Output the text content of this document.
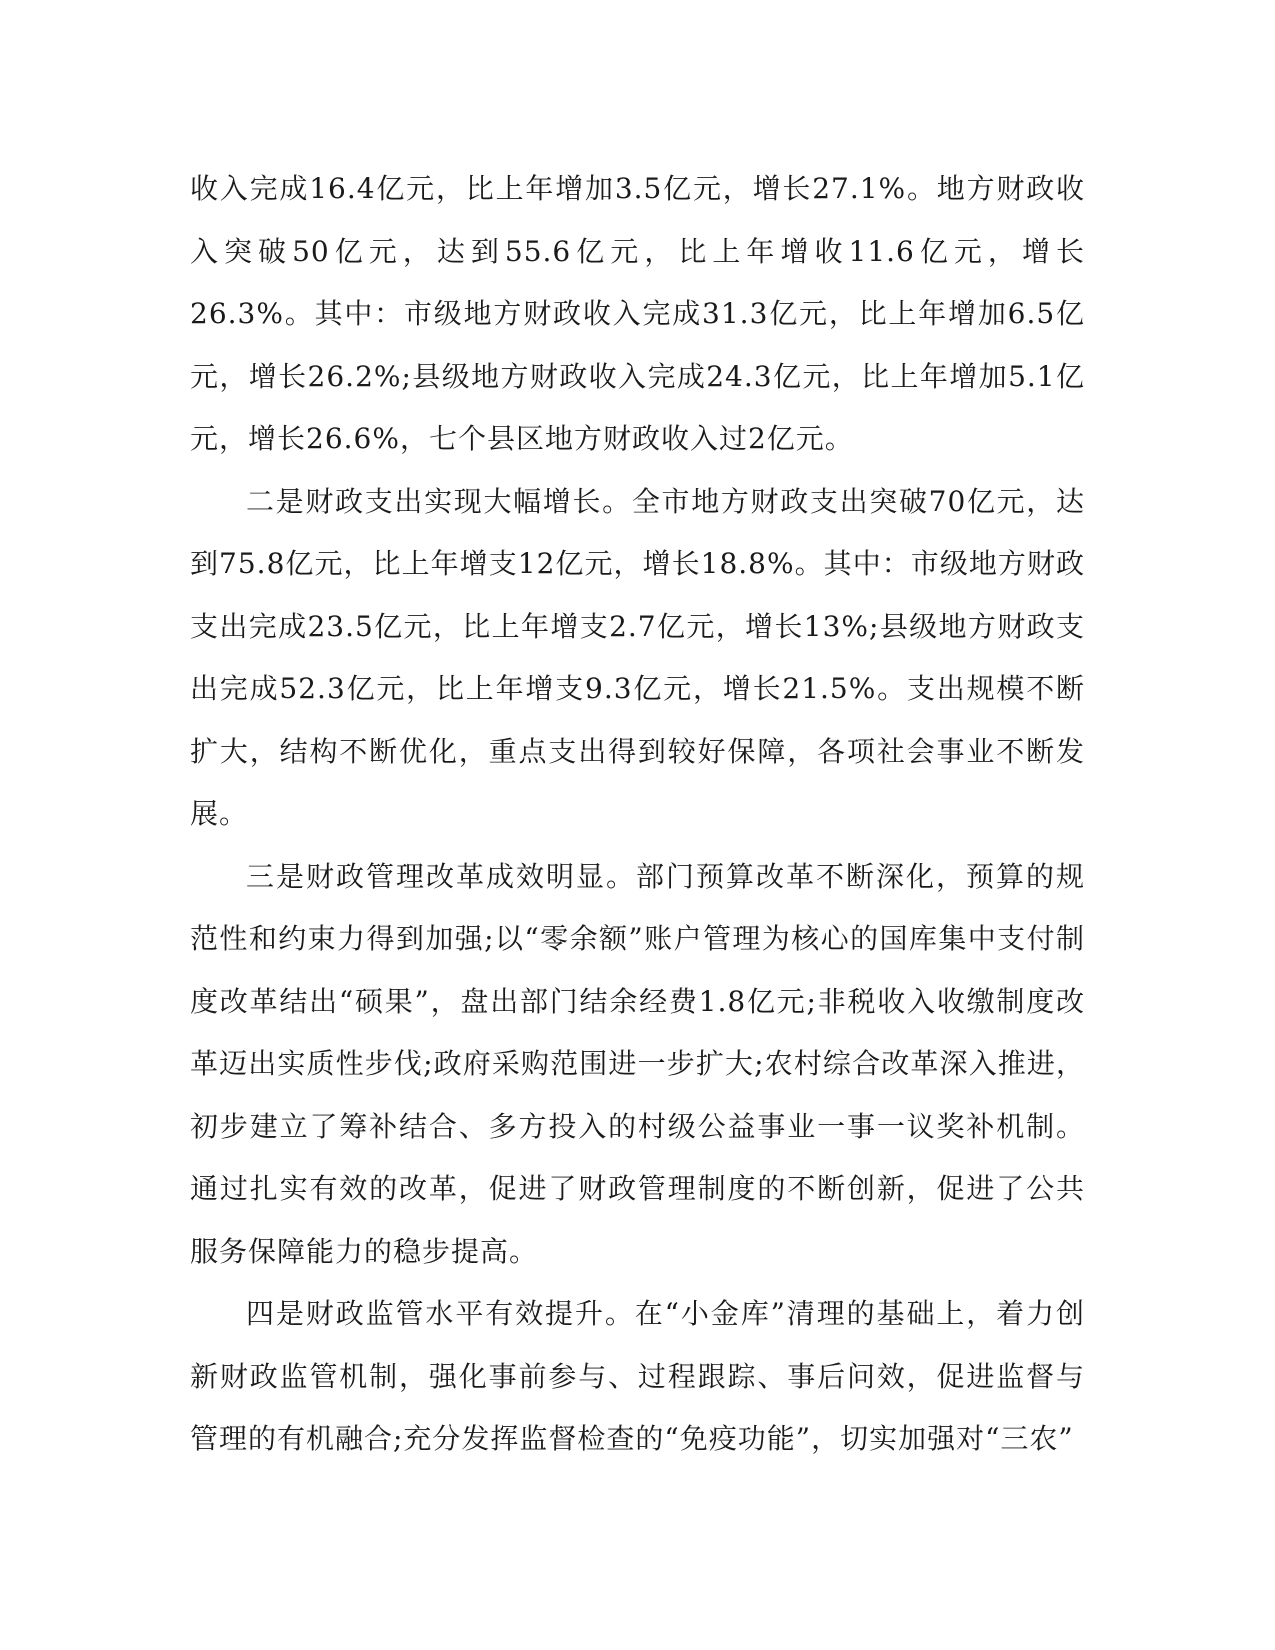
收入完成16.4亿元，比上年增加3.5亿元，增长27.1%。地方财政收入突破50亿元，达到55.6亿元，比上年增收11.6亿元，增长26.3%。其中：市级地方财政收入完成31.3亿元，比上年增加6.5亿元，增长26.2%;县级地方财政收入完成24.3亿元，比上年增加5.1亿元，增长26.6%，七个县区地方财政收入过2亿元。

二是财政支出实现大幅增长。全市地方财政支出突破70亿元，达到75.8亿元，比上年增支12亿元，增长18.8%。其中：市级地方财政支出完成23.5亿元，比上年增支2.7亿元，增长13%;县级地方财政支出完成52.3亿元，比上年增支9.3亿元，增长21.5%。支出规模不断扩大，结构不断优化，重点支出得到较好保障，各项社会事业不断发展。

三是财政管理改革成效明显。部门预算改革不断深化，预算的规范性和约束力得到加强;以“零余额”账户管理为核心的国库集中支付制度改革结出“硕果”，盘出部门结余经费1.8亿元;非税收入收缴制度改革迈出实质性步伐;政府采购范围进一步扩大;农村综合改革深入推进，初步建立了筹补结合、多方投入的村级公益事业一事一议奖补机制。通过扎实有效的改革，促进了财政管理制度的不断创新，促进了公共服务保障能力的稳步提高。

四是财政监管水平有效提升。在“小金库”清理的基础上，着力创新财政监管机制，强化事前参与、过程跟踪、事后问效，促进监督与管理的有机融合;充分发挥监督检查的“免疫功能”，切实加强对“三农”
